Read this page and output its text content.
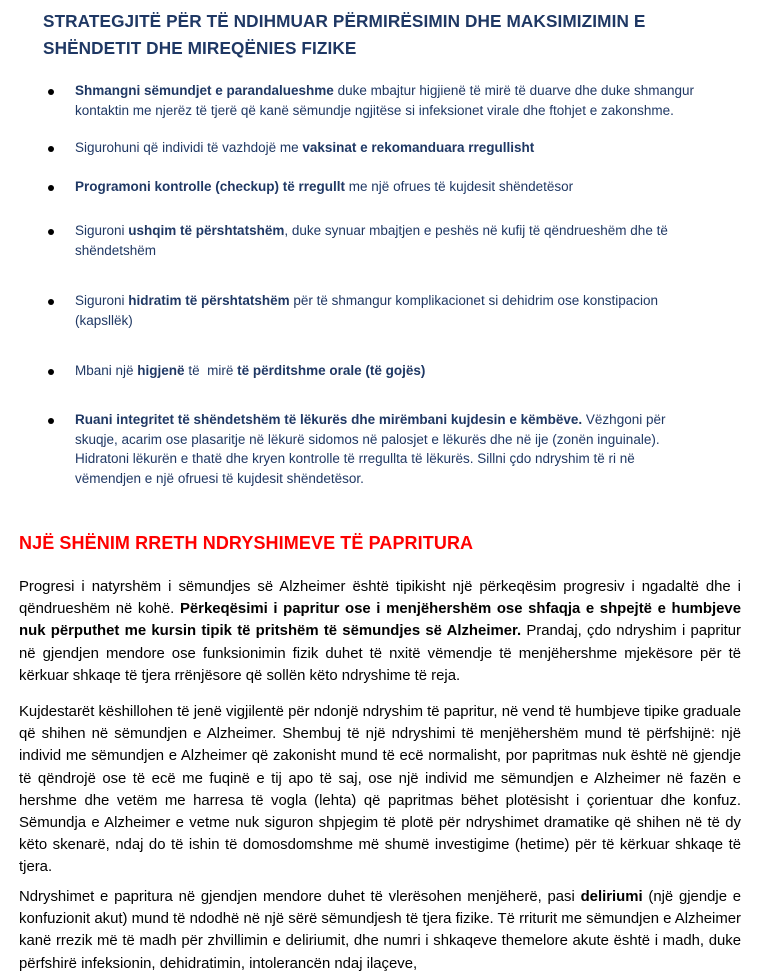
STRATEGJITË PËR TË NDIHMUAR PËRMIRËSIMIN DHE MAKSIMIZIMIN E SHËNDETIT DHE MIREQËNIES FIZIKE
Shmangni sëmundjet e parandalueshme duke mbajtur higjienë të mirë të duarve dhe duke shmangur kontaktin me njerëz të tjerë që kanë sëmundje ngjitëse si infeksionet virale dhe ftohjet e zakonshme.
Sigurohuni që individi të vazhdojë me vaksinat e rekomanduara rregullisht
Programoni kontrolle (checkup) të rregullt me një ofrues të kujdesit shëndetësor
Siguroni ushqim të përshtatshëm, duke synuar mbajtjen e peshës në kufij të qëndrueshëm dhe të shëndetshëm
Siguroni hidratim të përshtatshëm për të shmangur komplikacionet si dehidrim ose konstipacion (kapsllëk)
Mbani një higjenë të  mirë të përditshme orale (të gojës)
Ruani integritet të shëndetshëm të lëkurës dhe mirëmbani kujdesin e këmbëve. Vëzhgoni për skuqje, acarim ose plasaritje në lëkurë sidomos në palosjet e lëkurës dhe në ije (zonën inguinale). Hidratoni lëkurën e thatë dhe kryen kontrolle të rregullta të lëkurës. Sillni çdo ndryshim të ri në vëmendjen e një ofruesi të kujdesit shëndetësor.
NJË SHËNIM RRETH NDRYSHIMEVE TË PAPRITURA

Progresi i natyrshëm i sëmundjes së Alzheimer është tipikisht një përkeqësim progresiv i ngadaltë dhe i qëndrueshëm në kohë. Përkeqësimi i papritur ose i menjëhershëm ose shfaqja e shpejtë e humbjeve nuk përputhet me kursin tipik të pritshëm të sëmundjes së Alzheimer. Prandaj, çdo ndryshim i papritur në gjendjen mendore ose funksionimin fizik duhet të nxitë vëmendje të menjëhershme mjekësore për të kërkuar shkaqe të tjera rrënjësore që sollën këto ndryshime të reja.

Kujdestarët këshillohen të jenë vigjilentë për ndonjë ndryshim të papritur, në vend të humbjeve tipike graduale që shihen në sëmundjen e Alzheimer. Shembuj të një ndryshimi të menjëhershëm mund të përfshijnë: një individ me sëmundjen e Alzheimer që zakonisht mund të ecë normalisht, por papritmas nuk është në gjendje të qëndrojë ose të ecë me fuqinë e tij apo të saj, ose një individ me sëmundjen e Alzheimer në fazën e hershme dhe vetëm me harresa të vogla (lehta) që papritmas bëhet plotësisht i çorientuar dhe konfuz. Sëmundja e Alzheimer e vetme nuk siguron shpjegim të plotë për ndryshimet dramatike që shihen në të dy këto skenarë, ndaj do të ishin të domosdomshme më shumë investigime (hetime) për të kërkuar shkaqe të tjera.

Ndryshimet e papritura në gjendjen mendore duhet të vlerësohen menjëherë, pasi deliriumi (një gjendje e konfuzionit akut) mund të ndodhë në një sërë sëmundjesh të tjera fizike. Të rriturit me sëmundjen e Alzheimer kanë rrezik më të madh për zhvillimin e deliriumit, dhe numri i shkaqeve themelore akute është i madh, duke përfshirë infeksionin, dehidratimin, intolerancën ndaj ilaçeve,
